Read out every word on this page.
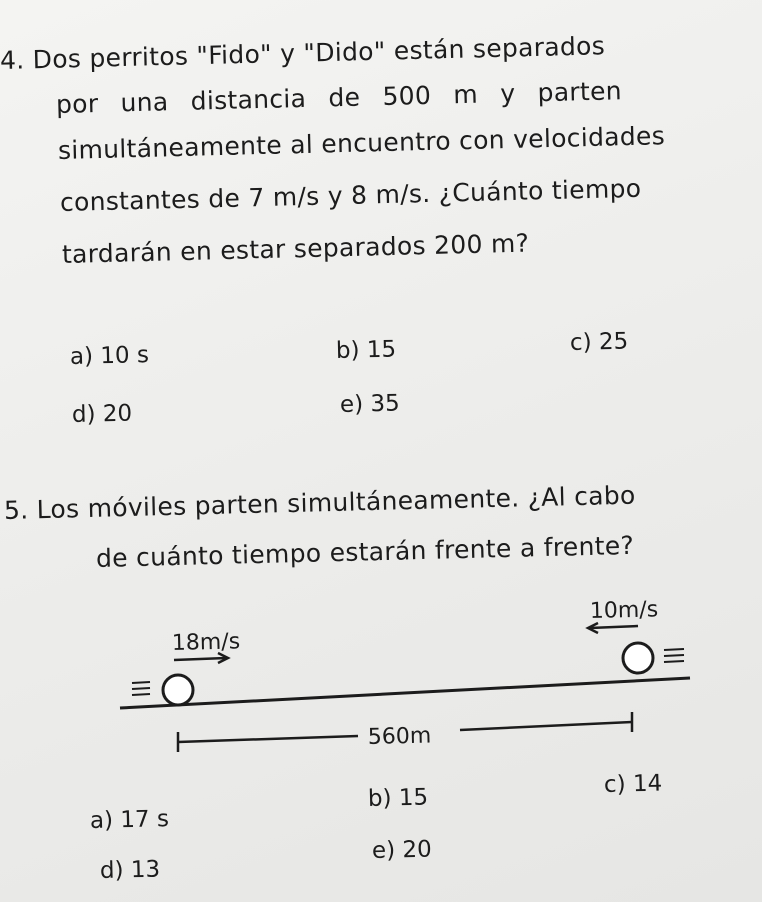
4. Dos perritos "Fido" y "Dido" están separados
por una distancia de 500 m y parten
simultáneamente al encuentro con velocidades
constantes de 7 m/s y 8 m/s. ¿Cuánto tiempo
tardarán en estar separados 200 m?
a) 10 s	b) 15	c) 25
d) 20	e) 35
5. Los móviles parten simultáneamente. ¿Al cabo
de cuánto tiempo estarán frente a frente?
18m/s
10m/s
560m
a) 17 s
b) 15
c) 14
d) 13
e) 20
